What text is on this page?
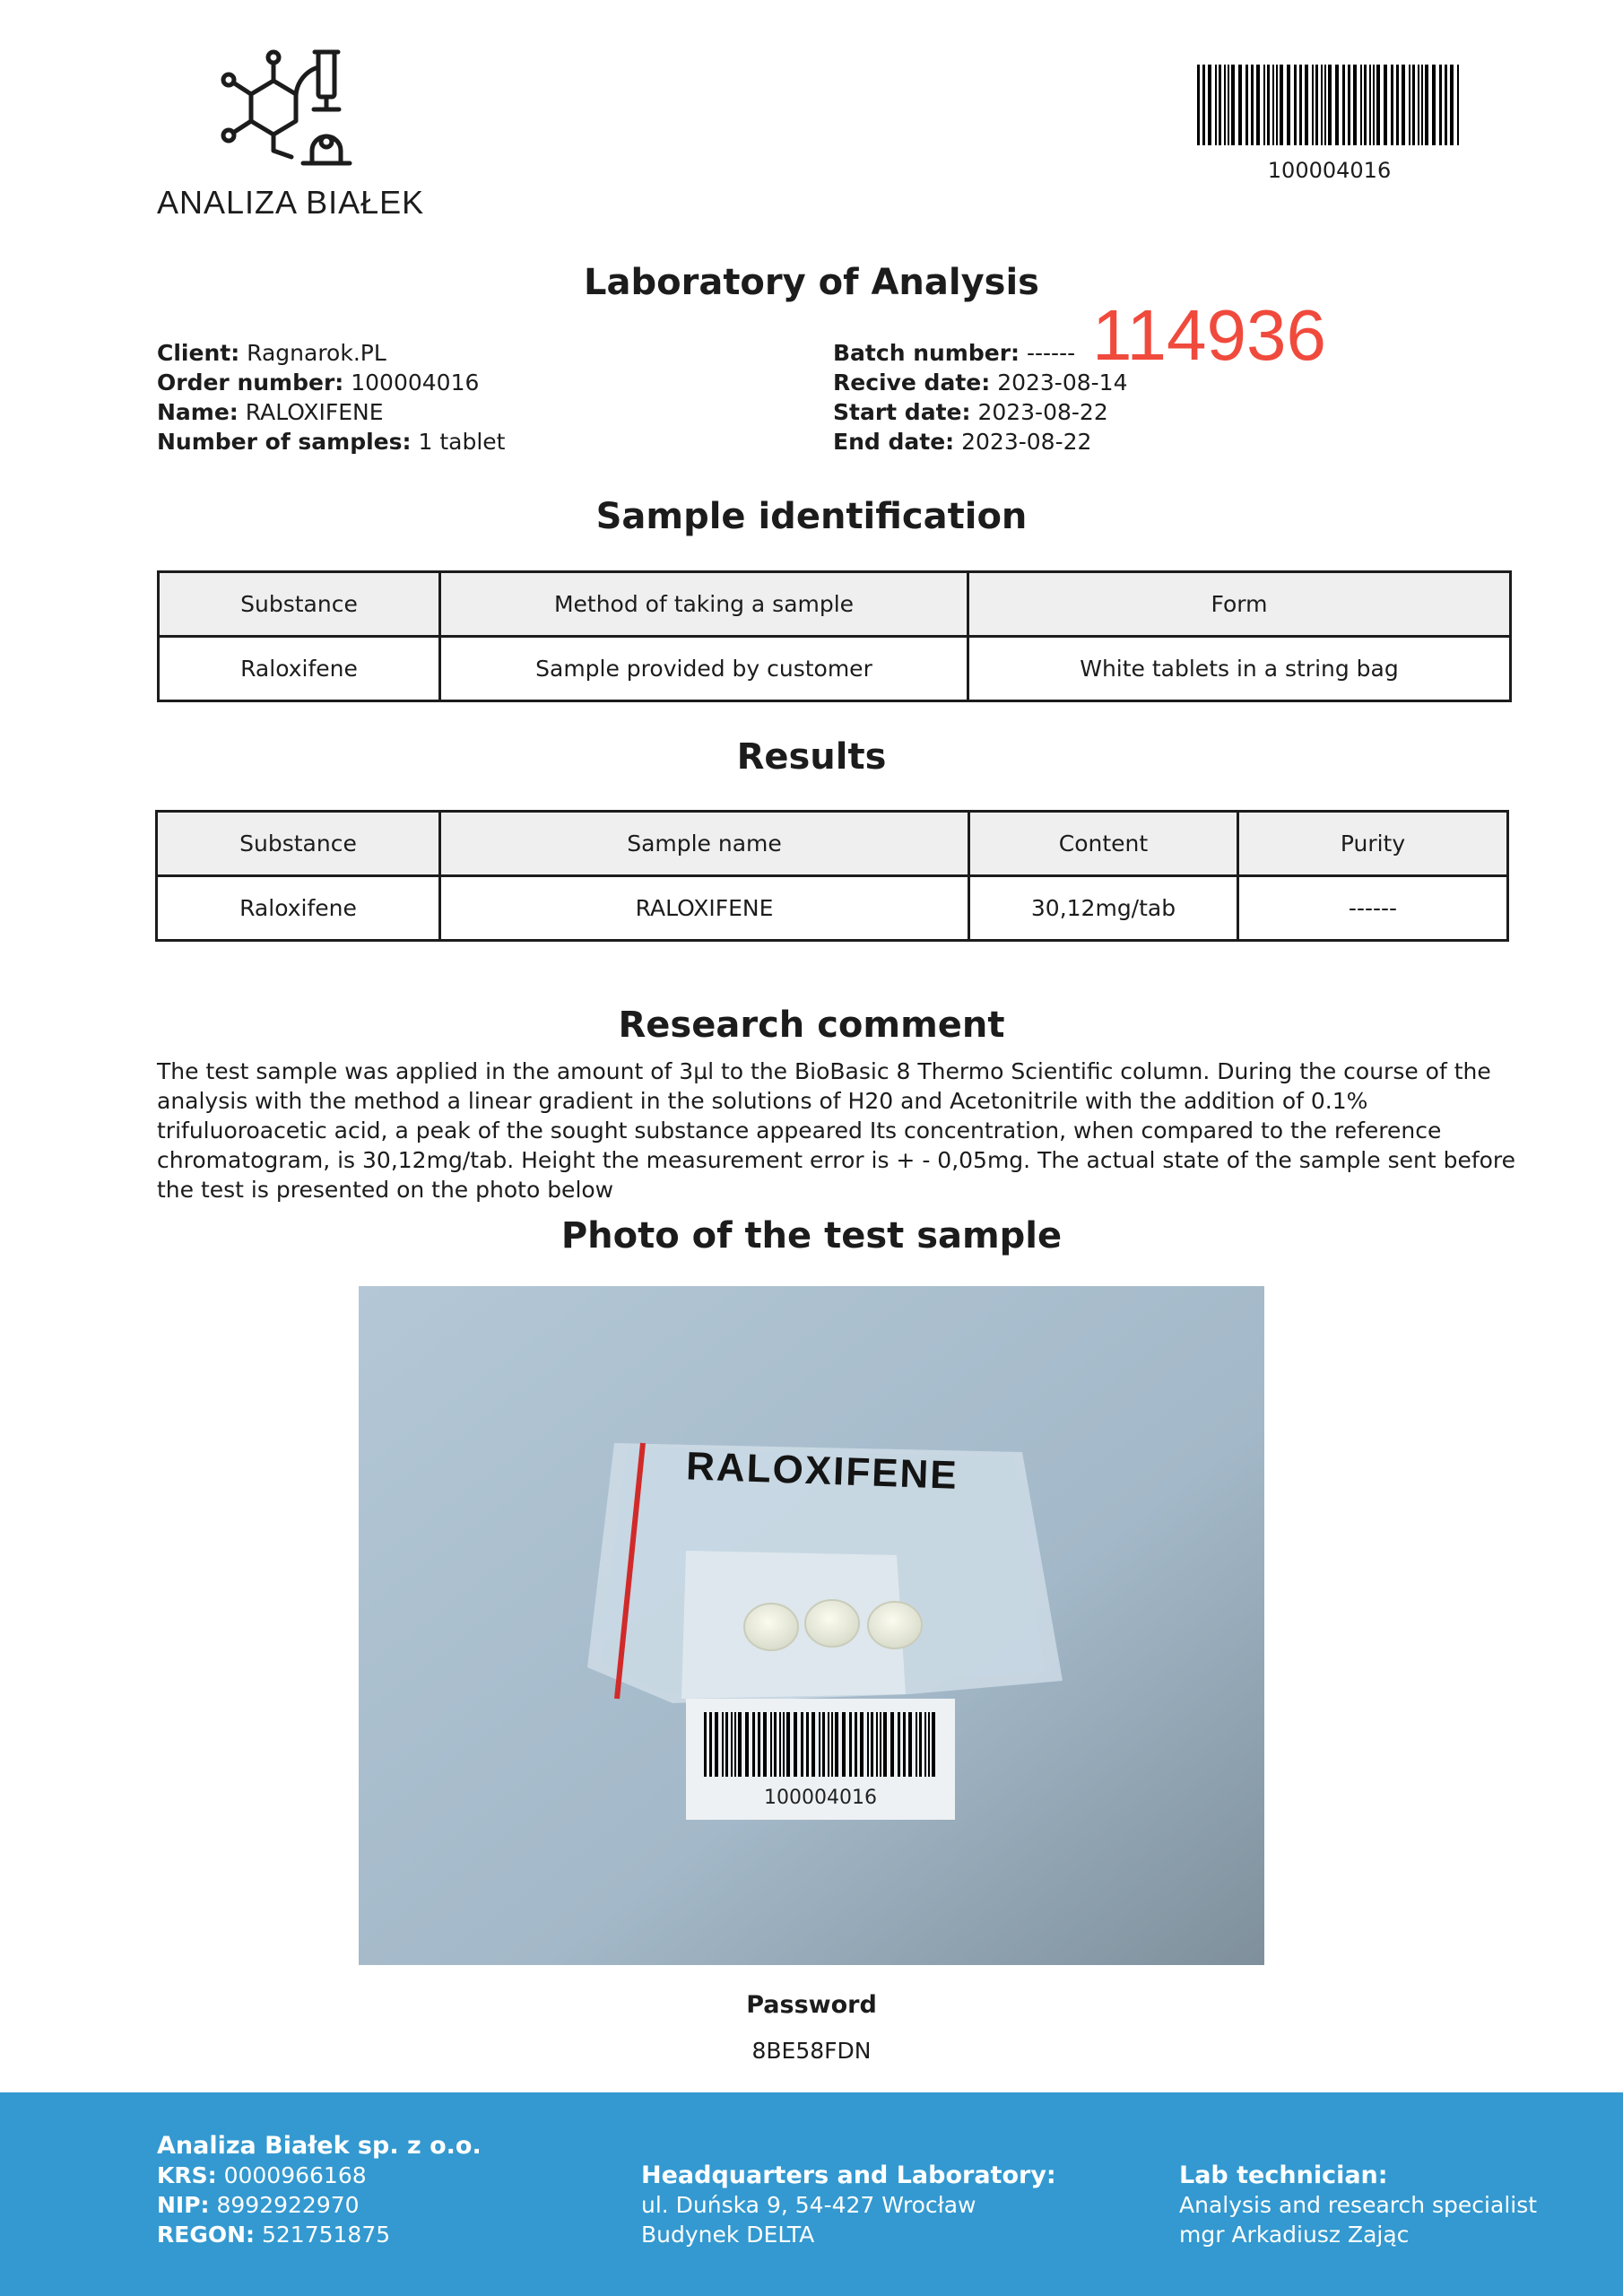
ANALIZA BIAŁEK
100004016
Laboratory of Analysis
Client: Ragnarok.PL
Order number: 100004016
Name: RALOXIFENE
Number of samples: 1 tablet
Batch number: ------ 114936
Recive date: 2023-08-14
Start date: 2023-08-22
End date: 2023-08-22
Sample identification
Substance	Method of taking a sample	Form
Raloxifene	Sample provided by customer	White tablets in a string bag
Results
Substance	Sample name	Content	Purity
Raloxifene	RALOXIFENE	30,12mg/tab	------
Research comment
The test sample was applied in the amount of 3µl to the BioBasic 8 Thermo Scientific column. During the course of the analysis with the method a linear gradient in the solutions of H20 and Acetonitrile with the addition of 0.1% trifuluoroacetic acid, a peak of the sought substance appeared Its concentration, when compared to the reference chromatogram, is 30,12mg/tab. Height the measurement error is + - 0,05mg. The actual state of the sample sent before the test is presented on the photo below
Photo of the test sample
RALOXIFENE
100004016
Password
8BE58FDN
Analiza Białek sp. z o.o.
KRS: 0000966168
NIP: 8992922970
REGON: 521751875
Headquarters and Laboratory:
ul. Duńska 9, 54-427 Wrocław
Budynek DELTA
Lab technician:
Analysis and research specialist
mgr Arkadiusz Zając
